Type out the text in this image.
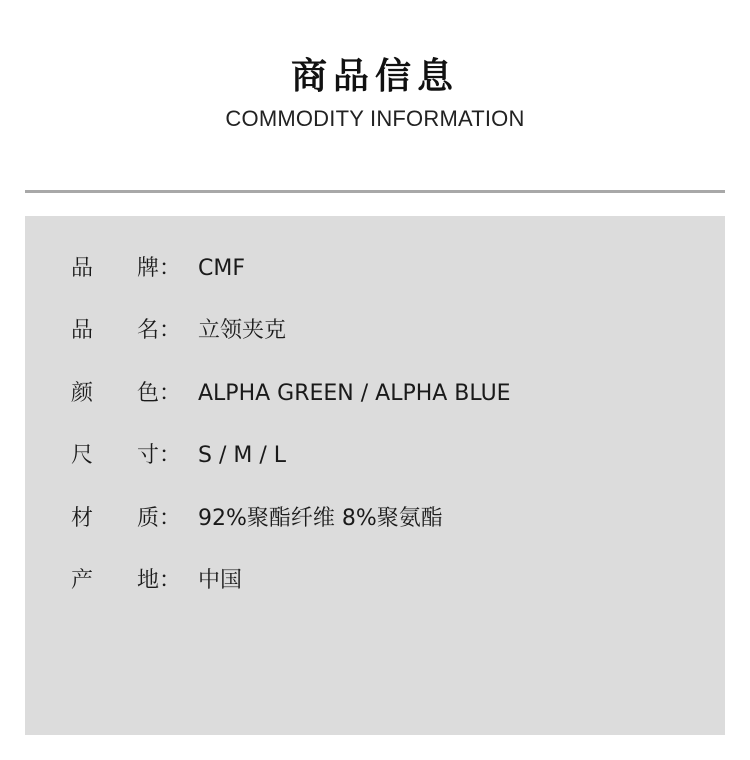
商品信息
COMMODITY INFORMATION
品 牌 ： CMF
品 名 ： 立领夹克
颜 色 ： ALPHA GREEN / ALPHA BLUE
尺 寸 ： S / M / L
材 质 ： 92%聚酯纤维 8%聚氨酯
产 地 ： 中国
